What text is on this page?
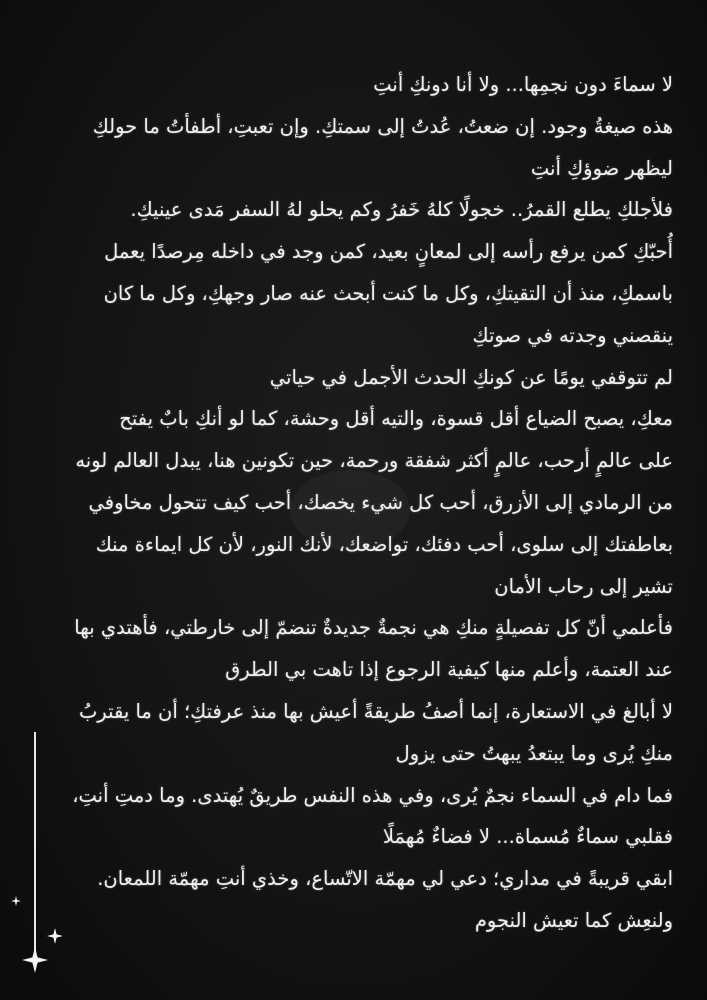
لا سماءَ دون نجمِها... ولا أنا دونكِ أنتِ
هذه صيغةُ وجود. إن ضعتُ، عُدتُ إلى سمتكِ. وإن تعبتِ، أطفأتُ ما حولكِ
ليظهر ضوؤكِ أنتِ
فلأجلكِ يطلع القمرُ.. خجولًا كلهُ خَفرُ وكم يحلو لهُ السفر مَدى عينيكِ.
أُحبّكِ كمن يرفع رأسه إلى لمعانٍ بعيد، كمن وجد في داخله مِرصدًا يعمل
باسمكِ، منذ أن التقيتكِ، وكل ما كنت أبحث عنه صار وجهكِ، وكل ما كان
ينقصني وجدته في صوتكِ
لم تتوقفي يومًا عن كونكِ الحدث الأجمل في حياتي
معكِ، يصبح الضياع أقل قسوة، والتيه أقل وحشة، كما لو أنكِ بابٌ يفتح
على عالمٍ أرحب، عالمٍ أكثر شفقة ورحمة، حين تكونين هنا، يبدل العالم لونه
من الرمادي إلى الأزرق، أحب كل شيء يخصك، أحب كيف تتحول مخاوفي
بعاطفتك إلى سلوى، أحب دفئك، تواضعك، لأنك النور، لأن كل ايماءة منك
تشير إلى رحاب الأمان
فأعلمي أنّ كل تفصيلةٍ منكِ هي نجمةٌ جديدةٌ تنضمّ إلى خارطتي، فأهتدي بها
عند العتمة، وأعلم منها كيفية الرجوع إذا تاهت بي الطرق
لا أبالغ في الاستعارة، إنما أصفُ طريقةً أعيش بها منذ عرفتكِ؛ أن ما يقتربُ
منكِ يُرى وما يبتعدُ يبهتُ حتى يزول
فما دام في السماء نجمٌ يُرى، وفي هذه النفس طريقٌ يُهتدى. وما دمتِ أنتِ،
فقلبي سماءٌ مُسماة... لا فضاءٌ مُهمَلًا
ابقي قريبةً في مداري؛ دعي لي مهمّة الاتّساع، وخذي أنتِ مهمّة اللمعان.
ولنعِش كما تعيش النجوم
